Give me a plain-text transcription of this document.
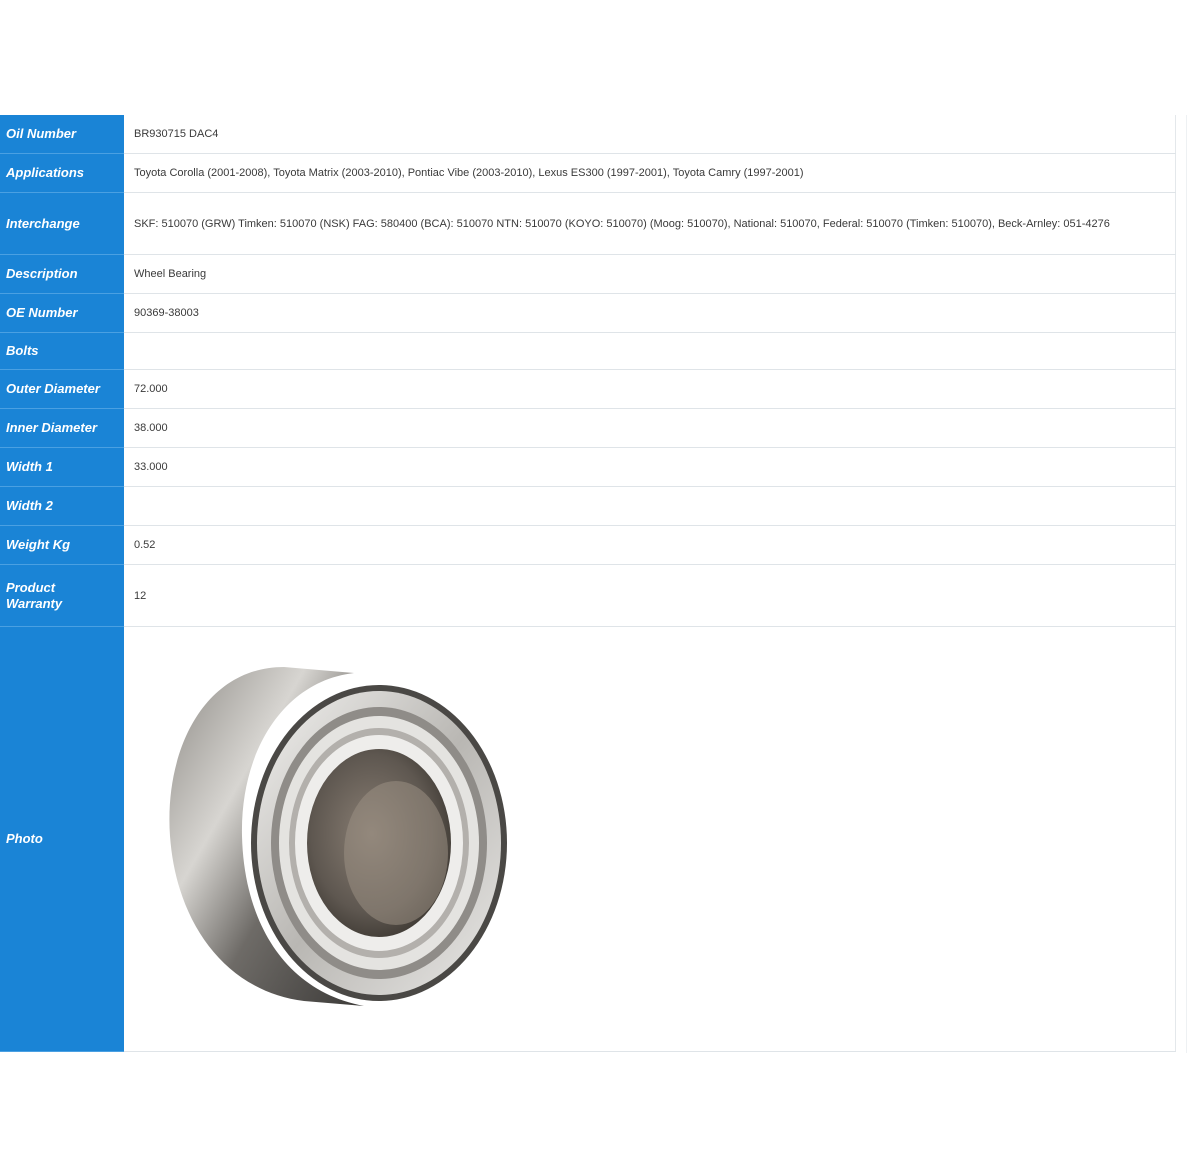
Oil Number	BR930715 DAC4
Applications	Toyota Corolla (2001-2008), Toyota Matrix (2003-2010), Pontiac Vibe (2003-2010), Lexus ES300 (1997-2001), Toyota Camry (1997-2001)
Interchange	SKF: 510070 (GRW) Timken: 510070 (NSK) FAG: 580400 (BCA): 510070 NTN: 510070 (KOYO: 510070) (Moog: 510070), National: 510070, Federal: 510070 (Timken: 510070), Beck-Arnley: 051-4276
Description	Wheel Bearing
OE Number	90369-38003
Bolts	
Outer Diameter	72.000
Inner Diameter	38.000
Width 1	33.000
Width 2	
Weight Kg	0.52
Product Warranty	12
Photo	
